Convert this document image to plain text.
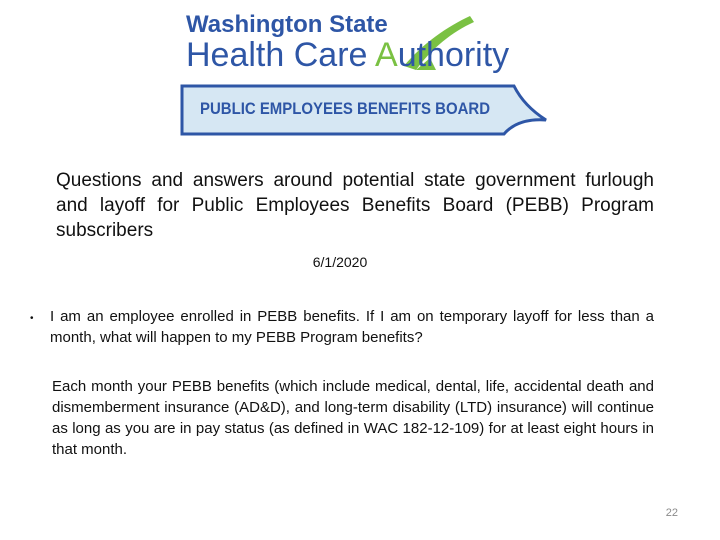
Washington State
Health Care Authority
PUBLIC EMPLOYEES BENEFITS BOARD
Questions and answers around potential state government furlough and layoff for Public Employees Benefits Board (PEBB) Program subscribers
6/1/2020
• I am an employee enrolled in PEBB benefits. If I am on temporary layoff for less than a month, what will happen to my PEBB Program benefits?
Each month your PEBB benefits (which include medical, dental, life, accidental death and dismemberment insurance (AD&D), and long-term disability (LTD) insurance) will continue as long as you are in pay status (as defined in WAC 182-12-109) for at least eight hours in that month.
22
